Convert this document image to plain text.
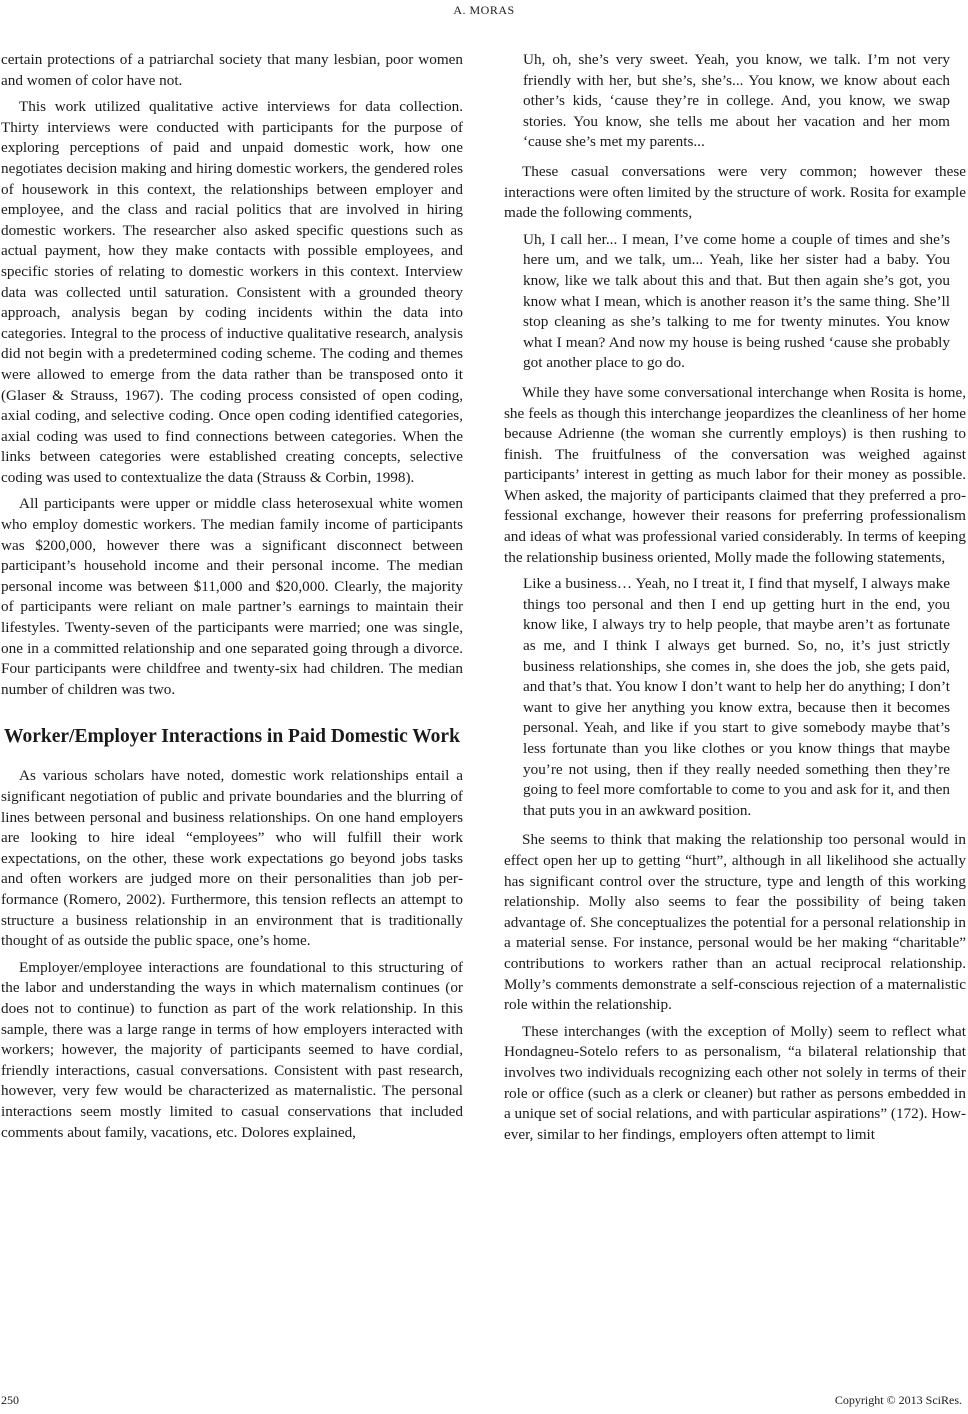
A. MORAS

certain protections of a patriarchal society that many lesbian, poor women and women of color have not.

This work utilized qualitative active interviews for data collection. Thirty interviews were conducted with participants for the purpose of exploring perceptions of paid and unpaid domestic work, how one negotiates decision making and hiring domestic workers, the gendered roles of housework in this context, the relationships between employer and employee, and the class and racial politics that are involved in hiring domestic workers. The researcher also asked specific questions such as actual payment, how they make contacts with possible employees, and specific stories of relating to domestic workers in this context. Interview data was collected until saturation. Consistent with a grounded theory approach, analysis began by coding incidents within the data into categories. Integral to the process of inductive qualitative research, analysis did not begin with a predetermined coding scheme. The coding and themes were allowed to emerge from the data rather than be transposed onto it (Glaser & Strauss, 1967). The coding process consisted of open coding, axial coding, and selective coding. Once open coding identified categories, axial coding was used to find connections between categories. When the links between categories were established creating concepts, selective coding was used to contextualize the data (Strauss & Corbin, 1998).

All participants were upper or middle class heterosexual white women who employ domestic workers. The median family income of participants was $200,000, however there was a significant disconnect between participant’s household income and their personal income. The median personal income was between $11,000 and $20,000. Clearly, the majority of participants were reliant on male partner’s earnings to maintain their lifestyles. Twenty-seven of the participants were married; one was single, one in a committed relationship and one separated going through a divorce. Four participants were childfree and twenty-six had children. The median number of children was two.

Worker/Employer Interactions in Paid Domestic Work

As various scholars have noted, domestic work relationships entail a significant negotiation of public and private boundaries and the blurring of lines between personal and business relationships. On one hand employers are looking to hire ideal “employees” who will fulfill their work expectations, on the other, these work expectations go beyond jobs tasks and often workers are judged more on their personalities than job performance (Romero, 2002). Furthermore, this tension reflects an attempt to structure a business relationship in an environment that is traditionally thought of as outside the public space, one’s home.

Employer/employee interactions are foundational to this structuring of the labor and understanding the ways in which maternalism continues (or does not to continue) to function as part of the work relationship. In this sample, there was a large range in terms of how employers interacted with workers; however, the majority of participants seemed to have cordial, friendly interactions, casual conversations. Consistent with past research, however, very few would be characterized as maternalistic. The personal interactions seem mostly limited to casual conservations that included comments about family, vacations, etc. Dolores explained,

Uh, oh, she’s very sweet. Yeah, you know, we talk. I’m not very friendly with her, but she’s, she’s... You know, we know about each other’s kids, ‘cause they’re in college. And, you know, we swap stories. You know, she tells me about her vacation and her mom ‘cause she’s met my parents...

These casual conversations were very common; however these interactions were often limited by the structure of work. Rosita for example made the following comments,

Uh, I call her... I mean, I’ve come home a couple of times and she’s here um, and we talk, um... Yeah, like her sister had a baby. You know, like we talk about this and that. But then again she’s got, you know what I mean, which is another reason it’s the same thing. She’ll stop cleaning as she’s talking to me for twenty minutes. You know what I mean? And now my house is being rushed ‘cause she probably got another place to go do.

While they have some conversational interchange when Rosita is home, she feels as though this interchange jeopardizes the cleanliness of her home because Adrienne (the woman she currently employs) is then rushing to finish. The fruitfulness of the conversation was weighed against participants’ interest in getting as much labor for their money as possible. When asked, the majority of participants claimed that they preferred a professional exchange, however their reasons for preferring professionalism and ideas of what was professional varied considerably. In terms of keeping the relationship business oriented, Molly made the following statements,

Like a business… Yeah, no I treat it, I find that myself, I always make things too personal and then I end up getting hurt in the end, you know like, I always try to help people, that maybe aren’t as fortunate as me, and I think I always get burned. So, no, it’s just strictly business relationships, she comes in, she does the job, she gets paid, and that’s that. You know I don’t want to help her do anything; I don’t want to give her anything you know extra, because then it becomes personal. Yeah, and like if you start to give somebody maybe that’s less fortunate than you like clothes or you know things that maybe you’re not using, then if they really needed something then they’re going to feel more comfortable to come to you and ask for it, and then that puts you in an awkward position.

She seems to think that making the relationship too personal would in effect open her up to getting “hurt”, although in all likelihood she actually has significant control over the structure, type and length of this working relationship. Molly also seems to fear the possibility of being taken advantage of. She conceptualizes the potential for a personal relationship in a material sense. For instance, personal would be her making “charitable” contributions to workers rather than an actual reciprocal relationship. Molly’s comments demonstrate a self-conscious rejection of a maternalistic role within the relationship.

These interchanges (with the exception of Molly) seem to reflect what Hondagneu-Sotelo refers to as personalism, “a bilateral relationship that involves two individuals recognizing each other not solely in terms of their role or office (such as a clerk or cleaner) but rather as persons embedded in a unique set of social relations, and with particular aspirations” (172). However, similar to her findings, employers often attempt to limit

250	Copyright © 2013 SciRes.
